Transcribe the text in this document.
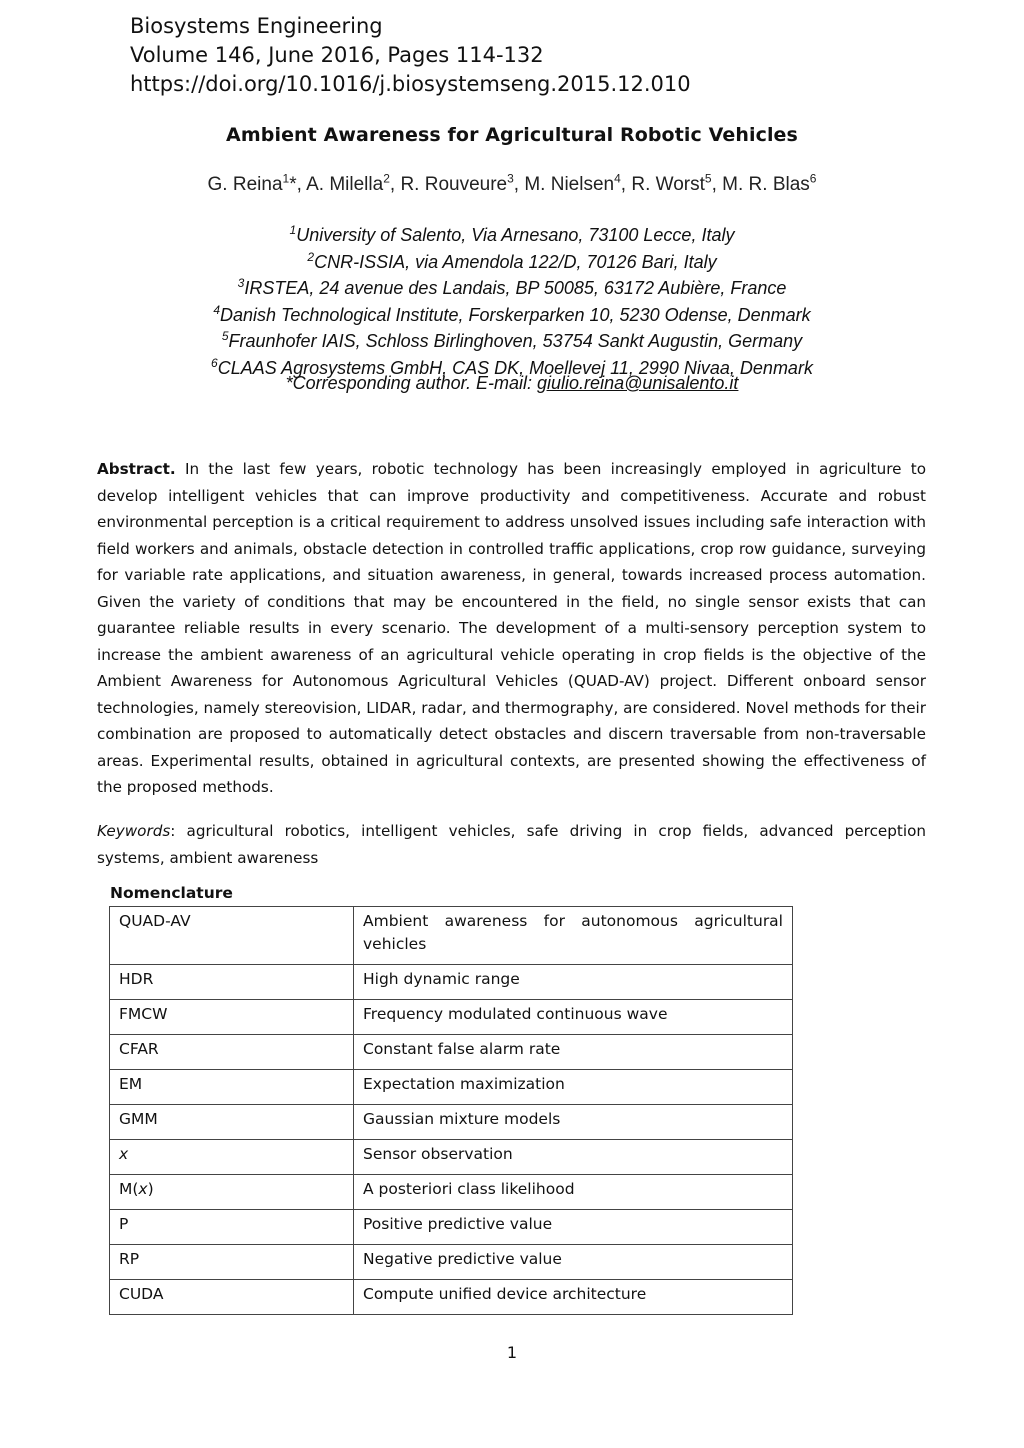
Biosystems Engineering
Volume 146, June 2016, Pages 114-132
https://doi.org/10.1016/j.biosystemseng.2015.12.010
Ambient Awareness for Agricultural Robotic Vehicles
G. Reina$^1$*, A. Milella$^2$, R. Rouveure$^3$, M. Nielsen$^4$, R. Worst$^5$, M. R. Blas$^6$
$^1$University of Salento, Via Arnesano, 73100 Lecce, Italy
$^2$CNR-ISSIA, via Amendola 122/D, 70126 Bari, Italy
$^3$IRSTEA, 24 avenue des Landais, BP 50085, 63172 Aubière, France
$^4$Danish Technological Institute, Forskerparken 10, 5230 Odense, Denmark
$^5$Fraunhofer IAIS, Schloss Birlinghoven, 53754 Sankt Augustin, Germany
$^6$CLAAS Agrosystems GmbH, CAS DK, Moellevej 11, 2990 Nivaa, Denmark
*Corresponding author. E-mail: giulio.reina@unisalento.it
Abstract. In the last few years, robotic technology has been increasingly employed in agriculture to develop intelligent vehicles that can improve productivity and competitiveness. Accurate and robust environmental perception is a critical requirement to address unsolved issues including safe interaction with field workers and animals, obstacle detection in controlled traffic applications, crop row guidance, surveying for variable rate applications, and situation awareness, in general, towards increased process automation. Given the variety of conditions that may be encountered in the field, no single sensor exists that can guarantee reliable results in every scenario. The development of a multi-sensory perception system to increase the ambient awareness of an agricultural vehicle operating in crop fields is the objective of the Ambient Awareness for Autonomous Agricultural Vehicles (QUAD-AV) project. Different onboard sensor technologies, namely stereovision, LIDAR, radar, and thermography, are considered. Novel methods for their combination are proposed to automatically detect obstacles and discern traversable from non-traversable areas. Experimental results, obtained in agricultural contexts, are presented showing the effectiveness of the proposed methods.
Keywords: agricultural robotics, intelligent vehicles, safe driving in crop fields, advanced perception systems, ambient awareness
Nomenclature
QUAD-AV	Ambient awareness for autonomous agricultural vehicles
HDR	High dynamic range
FMCW	Frequency modulated continuous wave
CFAR	Constant false alarm rate
EM	Expectation maximization
GMM	Gaussian mixture models
x	Sensor observation
M(x)	A posteriori class likelihood
P	Positive predictive value
RP	Negative predictive value
CUDA	Compute unified device architecture
1
